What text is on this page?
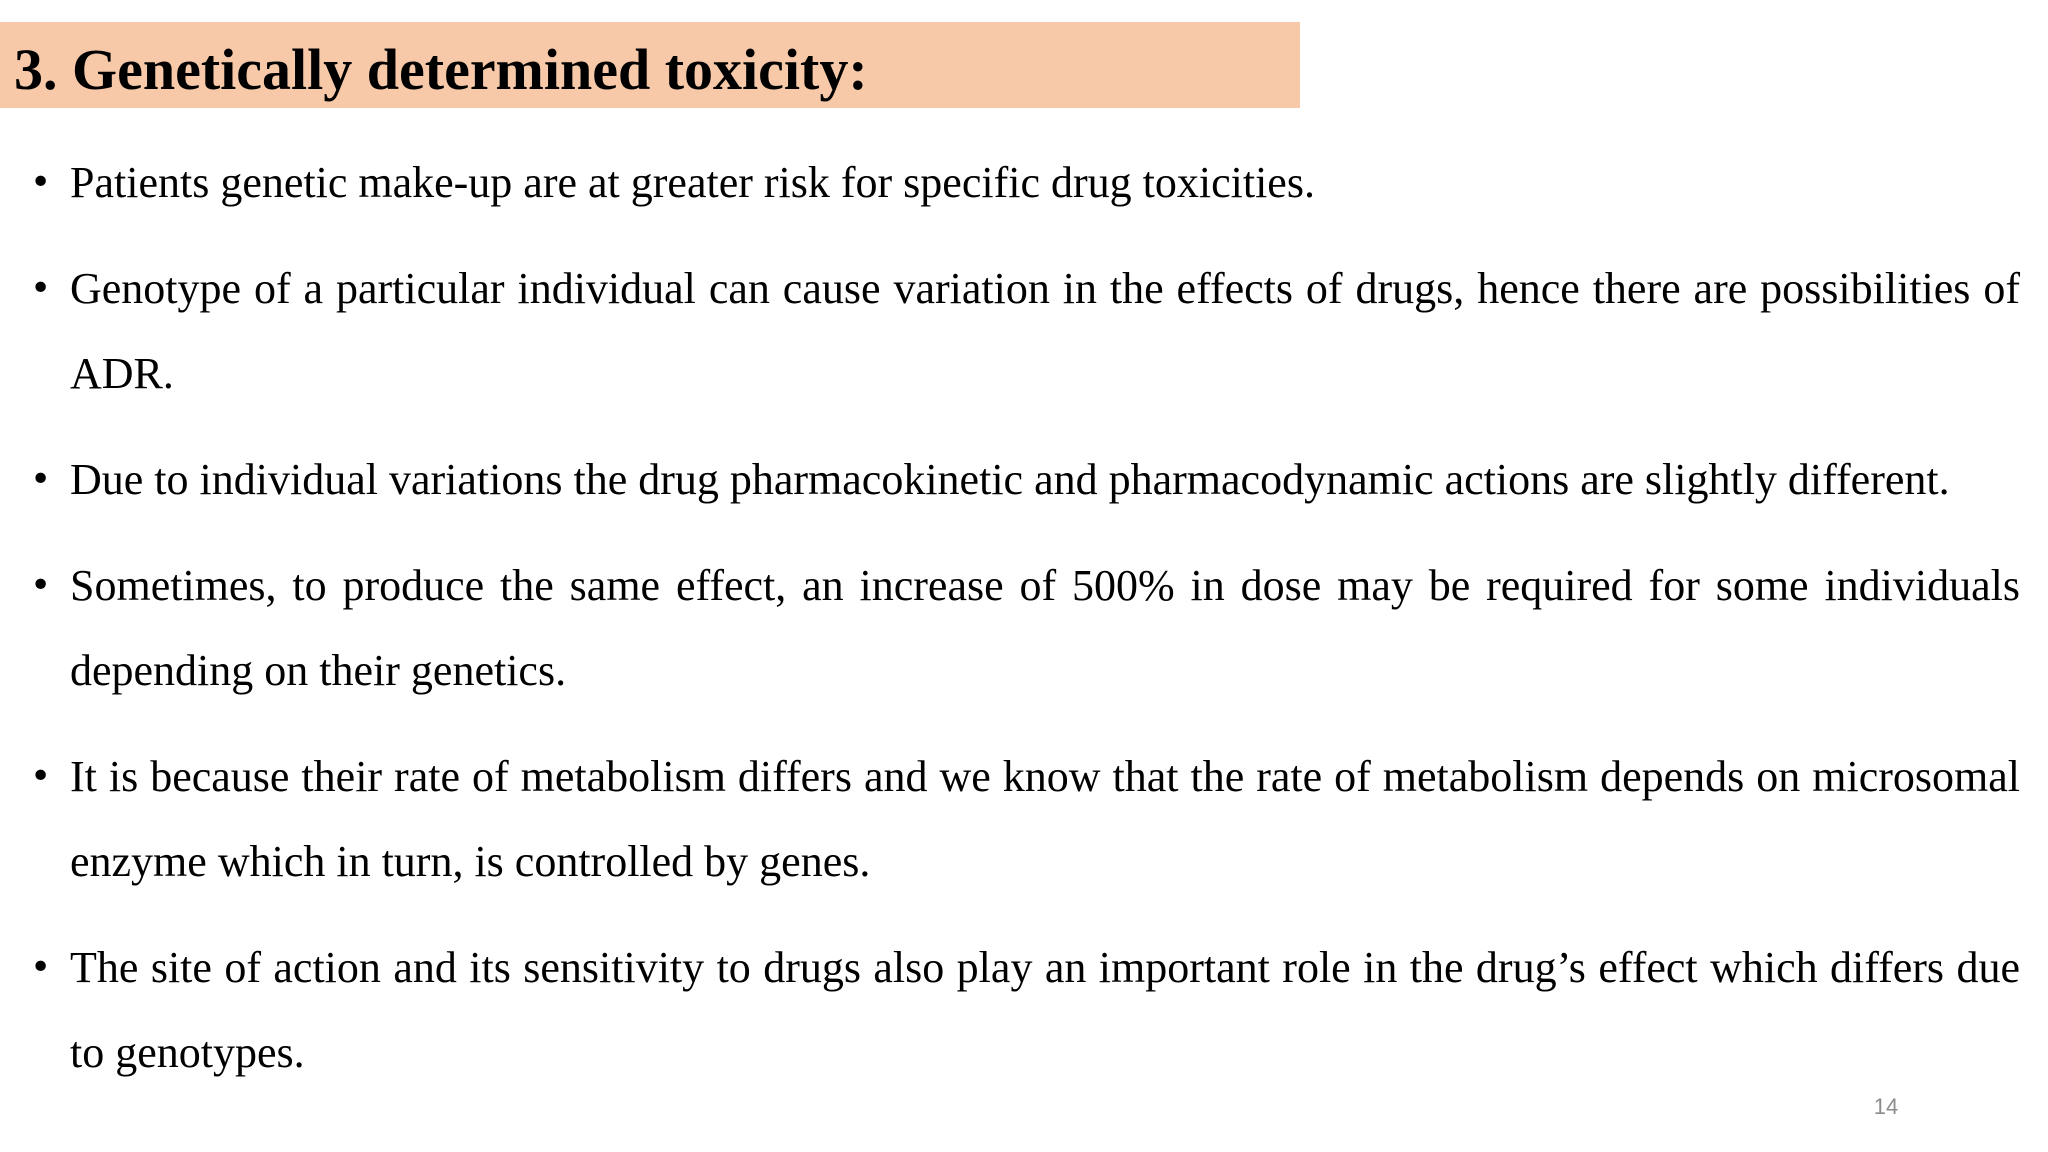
3. Genetically determined toxicity:
• Patients genetic make-up are at greater risk for specific drug toxicities.
• Genotype of a particular individual can cause variation in the effects of drugs, hence there are possibilities of ADR.
• Due to individual variations the drug pharmacokinetic and pharmacodynamic actions are slightly different.
• Sometimes, to produce the same effect, an increase of 500% in dose may be required for some individuals depending on their genetics.
• It is because their rate of metabolism differs and we know that the rate of metabolism depends on microsomal enzyme which in turn, is controlled by genes.
• The site of action and its sensitivity to drugs also play an important role in the drug’s effect which differs due to genotypes.
14
